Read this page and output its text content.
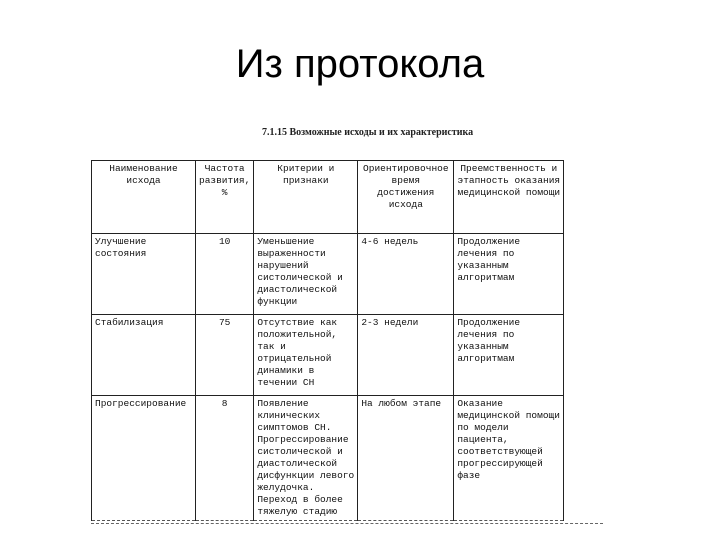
Из протокола
7.1.15 Возможные исходы и их характеристика
Наименование исхода	Частота развития, %	Критерии и признаки	Ориентировочное время достижения исхода	Преемственность и этапность оказания медицинской помощи
Улучшение состояния	10	Уменьшение выраженности нарушений систолической и диастолической функции	4-6 недель	Продолжение лечения по указанным алгоритмам
Стабилизация	75	Отсутствие как положительной, так и отрицательной динамики в течении СН	2-3 недели	Продолжение лечения по указанным алгоритмам
Прогрессирование	8	Появление клинических симптомов СН. Прогрессирование систолической и диастолической дисфункции левого желудочка. Переход в более тяжелую стадию	На любом этапе	Оказание медицинской помощи по модели пациента, соответствующей прогрессирующей фазе
